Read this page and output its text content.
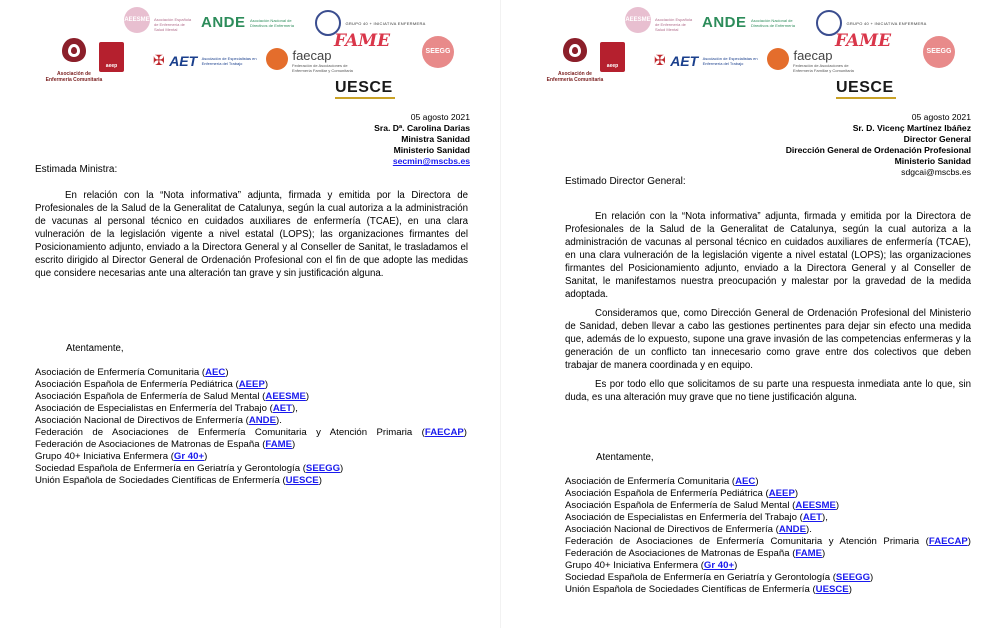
Asociación de Enfermería Comunitaria
aeep
AEESME Asociación Española de Enfermería de Salud Mental	ANDE Asociación Nacional de Directivos de Enfermería	GRUPO 40 + INICIATIVA ENFERMERA
✠ AET Asociación de Especialistas en Enfermería del Trabajo
faecap
Federación de Asociaciones de Enfermería Familiar y Comunitaria
FAME
SEEGG
UESCE
05 agosto 2021
Sra. Dª. Carolina Darias
Ministra Sanidad
Ministerio Sanidad
secmin@mscbs.es
Estimada Ministra:

En relación con la “Nota informativa” adjunta, firmada y emitida por la Directora de Profesionales de la Salud de la Generalitat de Catalunya, según la cual autoriza a la administración de vacunas al personal técnico en cuidados auxiliares de enfermería (TCAE), en una clara vulneración de la legislación vigente a nivel estatal (LOPS); las organizaciones firmantes del Posicionamiento adjunto, enviado a la Directora General y al Conseller de Sanitat, le trasladamos el escrito dirigido al Director General de Ordenación Profesional con el fin de que adopte las medidas que considere necesarias ante una alteración tan grave y sin justificación alguna.

Atentamente,
Asociación de Enfermería Comunitaria (AEC)
Asociación Española de Enfermería Pediátrica (AEEP)
Asociación Española de Enfermería de Salud Mental (AEESME)
Asociación de Especialistas en Enfermería del Trabajo (AET),
Asociación Nacional de Directivos de Enfermería (ANDE).
Federación de Asociaciones de Enfermería Comunitaria y Atención Primaria (FAECAP)
Federación de Asociaciones de Matronas de España (FAME)
Grupo 40+ Iniciativa Enfermera (Gr 40+)
Sociedad Española de Enfermería en Geriatría y Gerontología (SEEGG)
Unión Española de Sociedades Científicas de Enfermería (UESCE)
Asociación de Enfermería Comunitaria
aeep
AEESME Asociación Española de Enfermería de Salud Mental	ANDE Asociación Nacional de Directivos de Enfermería	GRUPO 40 + INICIATIVA ENFERMERA
✠ AET Asociación de Especialistas en Enfermería del Trabajo
faecap
Federación de Asociaciones de Enfermería Familiar y Comunitaria
FAME
SEEGG
UESCE
05 agosto 2021
Sr. D. Vicenç Martínez Ibáñez
Director General
Dirección General de Ordenación Profesional
Ministerio Sanidad
sdgcai@mscbs.es
Estimado Director General:

En relación con la “Nota informativa” adjunta, firmada y emitida por la Directora de Profesionales de la Salud de la Generalitat de Catalunya, según la cual autoriza a la administración de vacunas al personal técnico en cuidados auxiliares de enfermería (TCAE), en una clara vulneración de la legislación vigente a nivel estatal (LOPS); las organizaciones firmantes del Posicionamiento adjunto, enviado a la Directora General y al Conseller de Sanitat, le manifestamos nuestra preocupación y malestar por la gravedad de la medida adoptada.

Consideramos que, como Dirección General de Ordenación Profesional del Ministerio de Sanidad, deben llevar a cabo las gestiones pertinentes para dejar sin efecto una medida que, además de lo expuesto, supone una grave invasión de las competencias enfermeras y la generación de un conflicto tan innecesario como grave entre dos colectivos que deben trabajar de manera coordinada y en equipo.

Es por todo ello que solicitamos de su parte una respuesta inmediata ante lo que, sin duda, es una alteración muy grave que no tiene justificación alguna.

Atentamente,
Asociación de Enfermería Comunitaria (AEC)
Asociación Española de Enfermería Pediátrica (AEEP)
Asociación Española de Enfermería de Salud Mental (AEESME)
Asociación de Especialistas en Enfermería del Trabajo (AET),
Asociación Nacional de Directivos de Enfermería (ANDE).
Federación de Asociaciones de Enfermería Comunitaria y Atención Primaria (FAECAP)
Federación de Asociaciones de Matronas de España (FAME)
Grupo 40+ Iniciativa Enfermera (Gr 40+)
Sociedad Española de Enfermería en Geriatría y Gerontología (SEEGG)
Unión Española de Sociedades Científicas de Enfermería (UESCE)
